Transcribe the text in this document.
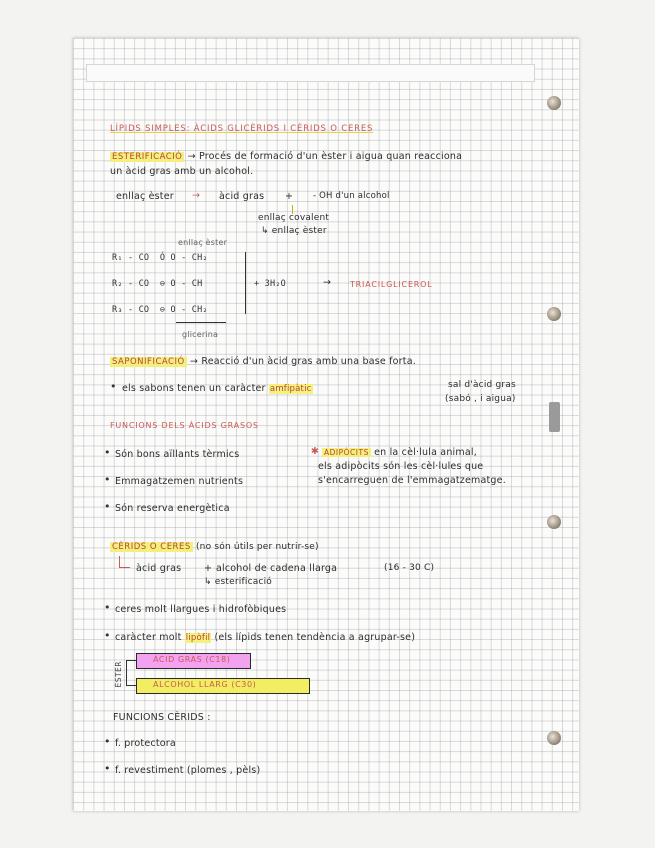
LÍPIDS SIMPLES: ÀCIDS GLICÈRIDS I CÈRIDS O CERES
ESTERIFICACIÓ → Procés de formació d'un èster i aigua quan reacciona
un àcid gras amb un alcohol.
enllaç èster → àcid gras + - OH d'un alcohol
enllaç covalent
↳ enllaç èster
enllaç èster
R₁ - CO Ó O - CH₂
R₂ - CO ⊖ O - CH
R₃ - CO ⊖ O - CH₂
+ 3H₂O	→ TRIACILGLICEROL
glicerina
SAPONIFICACIÓ → Reacció d'un àcid gras amb una base forta.
• els sabons tenen un caràcter amfipàtic	sal d'àcid gras
(sabó , i aigua)
FUNCIONS DELS ÀCIDS GRASOS
• Són bons aïllants tèrmics
• Emmagatzemen nutrients
• Són reserva energètica
✱ ADIPÒCITS en la cèl·lula animal,
els adipòcits són les cèl·lules que
s'encarreguen de l'emmagatzematge.
CÈRIDS O CERES (no són útils per nutrir-se)
àcid gras + alcohol de cadena llarga	(16 - 30 C)
↳ esterificació
• ceres molt llargues i hidrofòbiques
• caràcter molt lipòfil (els lípids tenen tendència a agrupar-se)
ÈSTER
ÀCID GRAS (C18)
ALCOHOL LLARG (C30)
FUNCIONS CÈRIDS :
• f. protectora
• f. revestiment (plomes , pèls)
